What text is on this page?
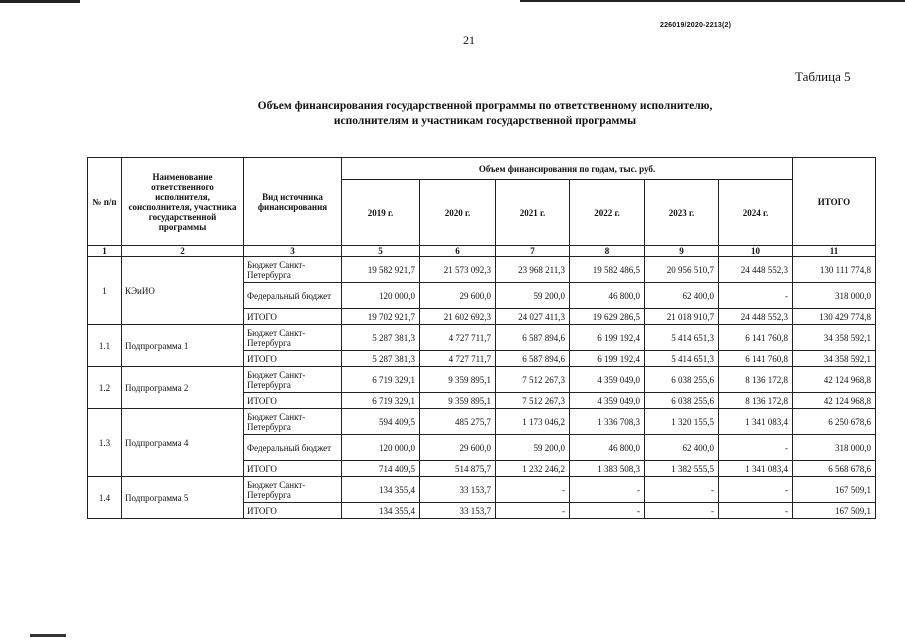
226019/2020-2213(2)
21
Таблица 5
Объем финансирования государственной программы по ответственному исполнителю,
исполнителям и участникам государственной программы
№ п/п	Наименование ответственного исполнителя, соисполнителя, участника государственной программы	Вид источника финансирования	Объем финансирования по годам, тыс. руб.						ИТОГО
			2019 г.	2020 г.	2021 г.	2022 г.	2023 г.	2024 г.	
1	2	3	5	6	7	8	9	10	11
1	КЭиИО	Бюджет Санкт-Петербурга	19 582 921,7	21 573 092,3	23 968 211,3	19 582 486,5	20 956 510,7	24 448 552,3	130 111 774,8
		Федеральный бюджет	120 000,0	29 600,0	59 200,0	46 800,0	62 400,0	-	318 000,0
		ИТОГО	19 702 921,7	21 602 692,3	24 027 411,3	19 629 286,5	21 018 910,7	24 448 552,3	130 429 774,8
1.1	Подпрограмма 1	Бюджет Санкт-Петербурга	5 287 381,3	4 727 711,7	6 587 894,6	6 199 192,4	5 414 651,3	6 141 760,8	34 358 592,1
		ИТОГО	5 287 381,3	4 727 711,7	6 587 894,6	6 199 192,4	5 414 651,3	6 141 760,8	34 358 592,1
1.2	Подпрограмма 2	Бюджет Санкт-Петербурга	6 719 329,1	9 359 895,1	7 512 267,3	4 359 049,0	6 038 255,6	8 136 172,8	42 124 968,8
		ИТОГО	6 719 329,1	9 359 895,1	7 512 267,3	4 359 049,0	6 038 255,6	8 136 172,8	42 124 968,8
1.3	Подпрограмма 4	Бюджет Санкт-Петербурга	594 409,5	485 275,7	1 173 046,2	1 336 708,3	1 320 155,5	1 341 083,4	6 250 678,6
		Федеральный бюджет	120 000,0	29 600,0	59 200,0	46 800,0	62 400,0	-	318 000,0
		ИТОГО	714 409,5	514 875,7	1 232 246,2	1 383 508,3	1 382 555,5	1 341 083,4	6 568 678,6
1.4	Подпрограмма 5	Бюджет Санкт-Петербурга	134 355,4	33 153,7	-	-	-	-	167 509,1
		ИТОГО	134 355,4	33 153,7	-	-	-	-	167 509,1
